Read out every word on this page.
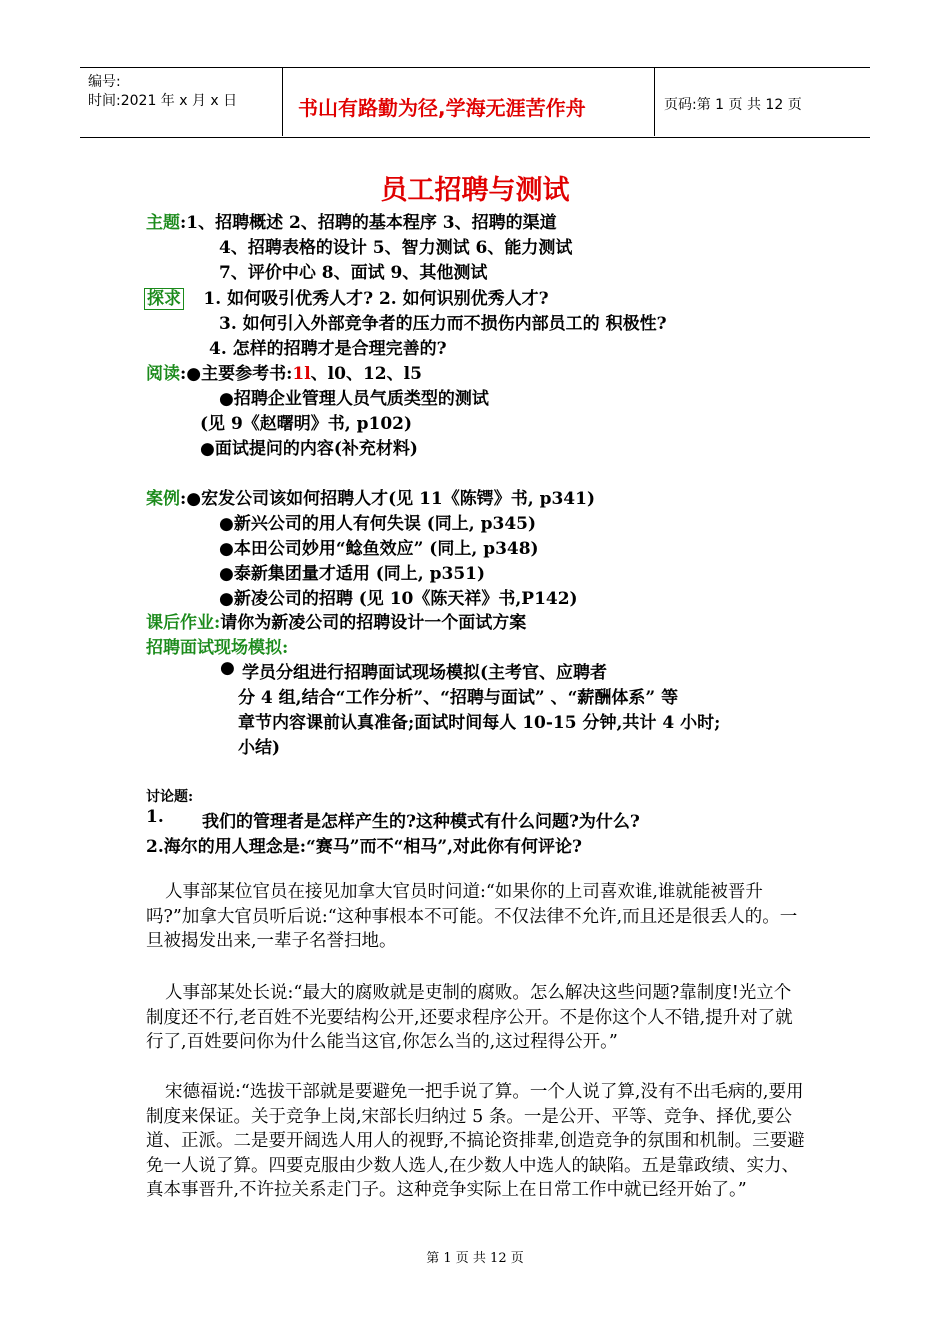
编号:
时间:2021 年 x 月 x 日	书山有路勤为径,学海无涯苦作舟	页码:第 1 页 共 12 页
员工招聘与测试
主题:1、招聘概述 2、招聘的基本程序 3、招聘的渠道
4、招聘表格的设计 5、智力测试 6、能力测试
7、评价中心 8、面试 9、其他测试
探求 1. 如何吸引优秀人才? 2. 如何识别优秀人才?
3. 如何引入外部竞争者的压力而不损伤内部员工的 积极性?
4. 怎样的招聘才是合理完善的?
阅读:●主要参考书:1l、l0、12、l5
●招聘企业管理人员气质类型的测试
(见 9《赵曙明》书, p102)
●面试提问的内容(补充材料)
案例:●宏发公司该如何招聘人才(见 11《陈锷》书, p341)
●新兴公司的用人有何失误 (同上, p345)
●本田公司妙用“鲶鱼效应” (同上, p348)
●泰新集团量才适用 (同上, p351)
●新凌公司的招聘 (见 10《陈天祥》书,P142)
课后作业:请你为新凌公司的招聘设计一个面试方案
招聘面试现场模拟:
● 学员分组进行招聘面试现场模拟(主考官、应聘者
分 4 组,结合“工作分析”、“招聘与面试” 、“薪酬体系” 等
章节内容课前认真准备;面试时间每人 10-15 分钟,共计 4 小时;
小结)
讨论题:
1. 我们的管理者是怎样产生的?这种模式有什么问题?为什么?
2.海尔的用人理念是:“赛马”而不“相马”,对此你有何评论?
人事部某位官员在接见加拿大官员时问道:“如果你的上司喜欢谁,谁就能被晋升吗?”加拿大官员听后说:“这种事根本不可能。不仅法律不允许,而且还是很丢人的。一旦被揭发出来,一辈子名誉扫地。
人事部某处长说:“最大的腐败就是吏制的腐败。怎么解决这些问题?靠制度!光立个制度还不行,老百姓不光要结构公开,还要求程序公开。不是你这个人不错,提升对了就行了,百姓要问你为什么能当这官,你怎么当的,这过程得公开。”
宋德福说:“选拔干部就是要避免一把手说了算。一个人说了算,没有不出毛病的,要用制度来保证。关于竞争上岗,宋部长归纳过 5 条。一是公开、平等、竞争、择优,要公道、正派。二是要开阔选人用人的视野,不搞论资排辈,创造竞争的氛围和机制。三要避免一人说了算。四要克服由少数人选人,在少数人中选人的缺陷。五是靠政绩、实力、真本事晋升,不许拉关系走门子。这种竞争实际上在日常工作中就已经开始了。”
第 1 页 共 12 页
